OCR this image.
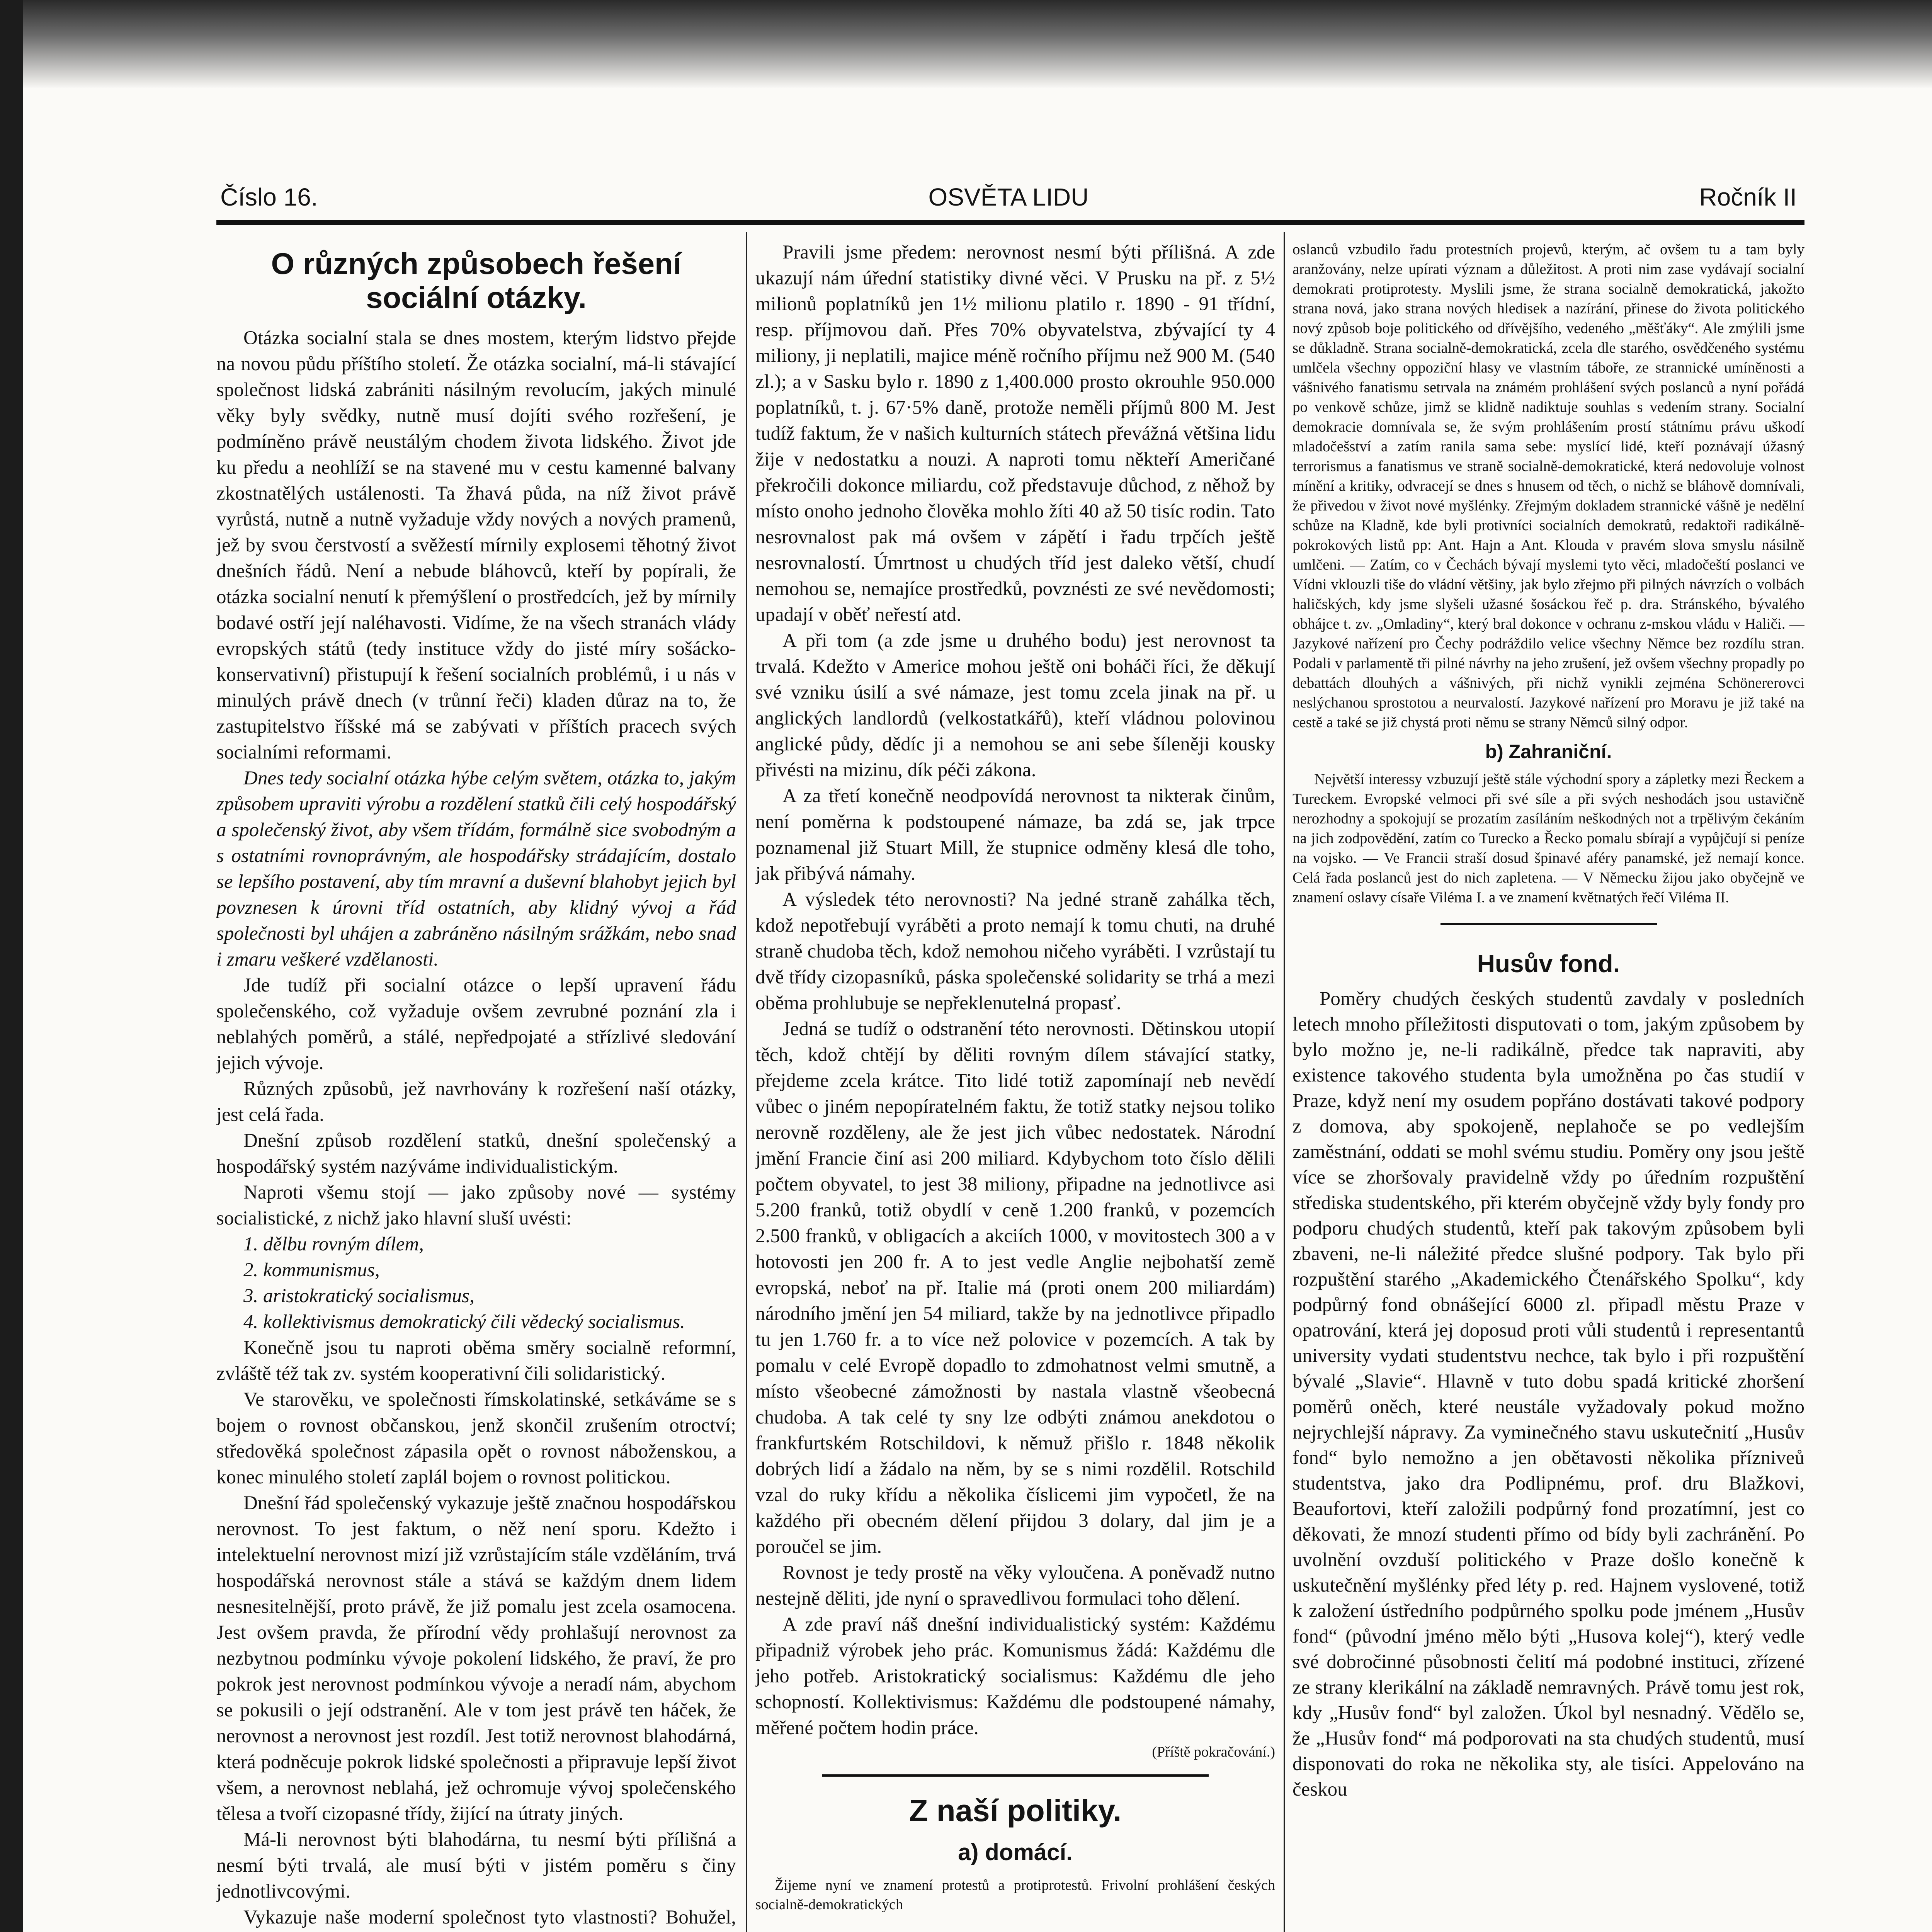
Číslo 16.	OSVĚTA LIDU	Ročník II
O různých způsobech řešení sociální otázky.

Otázka socialní stala se dnes mostem, kterým lidstvo přejde na novou půdu příštího století. Že otázka socialní, má-li stávající společnost lidská zabrániti násilným revolucím, jakých minulé věky byly svědky, nutně musí dojíti svého rozřešení, je podmíněno právě neustálým chodem života lidského. Život jde ku předu a neohlíží se na stavené mu v cestu kamenné balvany zkostnatělých ustálenosti. Ta žhavá půda, na níž život právě vyrůstá, nutně a nutně vyžaduje vždy nových a nových pramenů, jež by svou čerstvostí a svěžestí mírnily explosemi těhotný život dnešních řádů. Není a nebude bláhovců, kteří by popírali, že otázka socialní nenutí k přemýšlení o prostředcích, jež by mírnily bodavé ostří její naléhavosti. Vidíme, že na všech stranách vlády evropských států (tedy instituce vždy do jisté míry sošácko-konservativní) přistupují k řešení socialních problémů, i u nás v minulých právě dnech (v trůnní řeči) kladen důraz na to, že zastupitelstvo říšské má se zabývati v příštích pracech svých socialními reformami.

Dnes tedy socialní otázka hýbe celým světem, otázka to, jakým způsobem upraviti výrobu a rozdělení statků čili celý hospodářský a společenský život, aby všem třídám, formálně sice svobodným a s ostatními rovnoprávným, ale hospodářsky strádajícím, dostalo se lepšího postavení, aby tím mravní a duševní blahobyt jejich byl povznesen k úrovni tříd ostatních, aby klidný vývoj a řád společnosti byl uhájen a zabráněno násilným srážkám, nebo snad i zmaru veškeré vzdělanosti.

Jde tudíž při socialní otázce o lepší upravení řádu společenského, což vyžaduje ovšem zevrubné poznání zla i neblahých poměrů, a stálé, nepředpojaté a střízlivé sledování jejich vývoje.

Různých způsobů, jež navrhovány k rozřešení naší otázky, jest celá řada.

Dnešní způsob rozdělení statků, dnešní společenský a hospodářský systém nazýváme individualistickým.

Naproti všemu stojí — jako způsoby nové — systémy socialistické, z nichž jako hlavní sluší uvésti:

1. dělbu rovným dílem,
2. kommunismus,
3. aristokratický socialismus,
4. kollektivismus demokratický čili vědecký socialismus.

Konečně jsou tu naproti oběma směry socialně reformní, zvláště též tak zv. systém kooperativní čili solidaristický.

Ve starověku, ve společnosti římskolatinské, setkáváme se s bojem o rovnost občanskou, jenž skončil zrušením otroctví; středověká společnost zápasila opět o rovnost náboženskou, a konec minulého století zaplál bojem o rovnost politickou.

Dnešní řád společenský vykazuje ještě značnou hospodářskou nerovnost. To jest faktum, o něž není sporu. Kdežto i intelektuelní nerovnost mizí již vzrůstajícím stále vzděláním, trvá hospodářská nerovnost stále a stává se každým dnem lidem nesnesitelnější, proto právě, že již pomalu jest zcela osamocena. Jest ovšem pravda, že přírodní vědy prohlašují nerovnost za nezbytnou podmínku vývoje pokolení lidského, že praví, že pro pokrok jest nerovnost podmínkou vývoje a neradí nám, abychom se pokusili o její odstranění. Ale v tom jest právě ten háček, že nerovnost a nerovnost jest rozdíl. Jest totiž nerovnost blahodárná, která podněcuje pokrok lidské společnosti a připravuje lepší život všem, a nerovnost neblahá, jež ochromuje vývoj společenského tělesa a tvoří cizopasné třídy, žijící na útraty jiných.

Má-li nerovnost býti blahodárna, tu nesmí býti přílišná a nesmí býti trvalá, ale musí býti v jistém poměru s činy jednotlivcovými.

Vykazuje naše moderní společnost tyto vlastnosti? Bohužel,

Pravili jsme předem: nerovnost nesmí býti přílišná. A zde ukazují nám úřední statistiky divné věci. V Prusku na př. z 5½ milionů poplatníků jen 1½ milionu platilo r. 1890 - 91 třídní, resp. příjmovou daň. Přes 70% obyvatelstva, zbývající ty 4 miliony, ji neplatili, majice méně ročního příjmu než 900 M. (540 zl.); a v Sasku bylo r. 1890 z 1,400.000 prosto okrouhle 950.000 poplatníků, t. j. 67·5% daně, protože neměli příjmů 800 M. Jest tudíž faktum, že v našich kulturních státech převážná většina lidu žije v nedostatku a nouzi. A naproti tomu někteří Američané překročili dokonce miliardu, což představuje důchod, z něhož by místo onoho jednoho člověka mohlo žíti 40 až 50 tisíc rodin. Tato nesrovnalost pak má ovšem v zápětí i řadu trpčích ještě nesrovnalostí. Úmrtnost u chudých tříd jest daleko větší, chudí nemohou se, nemajíce prostředků, povznésti ze své nevědomosti; upadají v oběť neřestí atd.

A při tom (a zde jsme u druhého bodu) jest nerovnost ta trvalá. Kdežto v Americe mohou ještě oni boháči říci, že děkují své vzniku úsilí a své námaze, jest tomu zcela jinak na př. u anglických landlordů (velkostatkářů), kteří vládnou polovinou anglické půdy, dědíc ji a nemohou se ani sebe šíleněji kousky přivésti na mizinu, dík péči zákona.

A za třetí konečně neodpovídá nerovnost ta nikterak činům, není poměrna k podstoupené námaze, ba zdá se, jak trpce poznamenal již Stuart Mill, že stupnice odměny klesá dle toho, jak přibývá námahy.

A výsledek této nerovnosti? Na jedné straně zahálka těch, kdož nepotřebují vyráběti a proto nemají k tomu chuti, na druhé straně chudoba těch, kdož nemohou ničeho vyráběti. I vzrůstají tu dvě třídy cizopasníků, páska společenské solidarity se trhá a mezi oběma prohlubuje se nepřeklenutelná propasť.

Jedná se tudíž o odstranění této nerovnosti. Dětinskou utopií těch, kdož chtějí by děliti rovným dílem stávající statky, přejdeme zcela krátce. Tito lidé totiž zapomínají neb nevědí vůbec o jiném nepopíratelném faktu, že totiž statky nejsou toliko nerovně rozděleny, ale že jest jich vůbec nedostatek. Národní jmění Francie činí asi 200 miliard. Kdybychom toto číslo dělili počtem obyvatel, to jest 38 miliony, připadne na jednotlivce asi 5.200 franků, totiž obydlí v ceně 1.200 franků, v pozemcích 2.500 franků, v obligacích a akciích 1000, v movitostech 300 a v hotovosti jen 200 fr. A to jest vedle Anglie nejbohatší země evropská, neboť na př. Italie má (proti onem 200 miliardám) národního jmění jen 54 miliard, takže by na jednotlivce připadlo tu jen 1.760 fr. a to více než polovice v pozemcích. A tak by pomalu v celé Evropě dopadlo to zdmohatnost velmi smutně, a místo všeobecné zámožnosti by nastala vlastně všeobecná chudoba. A tak celé ty sny lze odbýti známou anekdotou o frankfurtském Rotschildovi, k němuž přišlo r. 1848 několik dobrých lidí a žádalo na něm, by se s nimi rozdělil. Rotschild vzal do ruky křídu a několika číslicemi jim vypočetl, že na každého při obecném dělení přijdou 3 dolary, dal jim je a poroučel se jim.

Rovnost je tedy prostě na věky vyloučena. A poněvadž nutno nestejně děliti, jde nyní o spravedlivou formulaci toho dělení.

A zde praví náš dnešní individualistický systém: Každému připadniž výrobek jeho prác. Komunismus žádá: Každému dle jeho potřeb. Aristokratický socialismus: Každému dle jeho schopností. Kollektivismus: Každému dle podstoupené námahy, měřené počtem hodin práce.

(Příště pokračování.)

Z naší politiky.
a) domácí.

Žijeme nyní ve znamení protestů a protiprotestů. Frivolní prohlášení českých socialně-demokratických

oslanců vzbudilo řadu protestních projevů, kterým, ač ovšem tu a tam byly aranžovány, nelze upírati význam a důležitost. A proti nim zase vydávají socialní demokrati protiprotesty. Myslili jsme, že strana socialně demokratická, jakožto strana nová, jako strana nových hledisek a nazírání, přinese do života politického nový způsob boje politického od dřívějšího, vedeného „měšťáky“. Ale zmýlili jsme se důkladně. Strana socialně-demokratická, zcela dle starého, osvědčeného systému umlčela všechny oppoziční hlasy ve vlastním táboře, ze strannické umíněnosti a vášnivého fanatismu setrvala na známém prohlášení svých poslanců a nyní pořádá po venkově schůze, jimž se klidně nadiktuje souhlas s vedením strany. Socialní demokracie domnívala se, že svým prohlášením prostí státnímu právu uškodí mladočešství a zatím ranila sama sebe: myslící lidé, kteří poznávají úžasný terrorismus a fanatismus ve straně socialně-demokratické, která nedovoluje volnost mínění a kritiky, odvracejí se dnes s hnusem od těch, o nichž se bláhově domnívali, že přivedou v život nové myšlénky. Zřejmým dokladem strannické vášně je nedělní schůze na Kladně, kde byli protivníci socialních demokratů, redaktoři radikálně-pokrokových listů pp: Ant. Hajn a Ant. Klouda v pravém slova smyslu násilně umlčeni. — Zatím, co v Čechách bývají myslemi tyto věci, mladočeští poslanci ve Vídni vklouzli tiše do vládní většiny, jak bylo zřejmo při pilných návrzích o volbách haličských, kdy jsme slyšeli užasné šosáckou řeč p. dra. Stránského, bývalého obhájce t. zv. „Omladiny“, který bral dokonce v ochranu z-mskou vládu v Haliči. — Jazykové nařízení pro Čechy podráždilo velice všechny Němce bez rozdílu stran. Podali v parlamentě tři pilné návrhy na jeho zrušení, jež ovšem všechny propadly po debattách dlouhých a vášnivých, při nichž vynikli zejména Schönererovci neslýchanou sprostotou a neurvalostí. Jazykové nařízení pro Moravu je již také na cestě a také se již chystá proti němu se strany Němců silný odpor.

b) Zahraniční.

Největší interessy vzbuzují ještě stále východní spory a zápletky mezi Řeckem a Tureckem. Evropské velmoci při své síle a při svých neshodách jsou ustavičně nerozhodny a spokojují se prozatím zasíláním neškodných not a trpělivým čekáním na jich zodpovědění, zatím co Turecko a Řecko pomalu sbírají a vypůjčují si peníze na vojsko. — Ve Francii straší dosud špinavé aféry panamské, jež nemají konce. Celá řada poslanců jest do nich zapletena. — V Německu žijou jako obyčejně ve znamení oslavy císaře Viléma I. a ve znamení květnatých řečí Viléma II.

Husův fond.

Poměry chudých českých studentů zavdaly v posledních letech mnoho příležitosti disputovati o tom, jakým způsobem by bylo možno je, ne-li radikálně, předce tak napraviti, aby existence takového studenta byla umožněna po čas studií v Praze, když není my osudem popřáno dostávati takové podpory z domova, aby spokojeně, neplahoče se po vedlejším zaměstnání, oddati se mohl svému studiu. Poměry ony jsou ještě více se zhoršovaly pravidelně vždy po úředním rozpuštění střediska studentského, při kterém obyčejně vždy byly fondy pro podporu chudých studentů, kteří pak takovým způsobem byli zbaveni, ne-li náležité předce slušné podpory. Tak bylo při rozpuštění starého „Akademického Čtenářského Spolku“, kdy podpůrný fond obnášející 6000 zl. připadl městu Praze v opatrování, která jej doposud proti vůli studentů i representantů university vydati studentstvu nechce, tak bylo i při rozpuštění bývalé „Slavie“. Hlavně v tuto dobu spadá kritické zhoršení poměrů oněch, které neustále vyžadovaly pokud možno nejrychlejší nápravy. Za vyminečného stavu uskutečnití „Husův fond“ bylo nemožno a jen obětavosti několika přízniveů studentstva, jako dra Podlipnému, prof. dru Blažkovi, Beaufortovi, kteří založili podpůrný fond prozatímní, jest co děkovati, že mnozí studenti přímo od bídy byli zachránění. Po uvolnění ovzduší politického v Praze došlo konečně k uskutečnění myšlénky před léty p. red. Hajnem vyslovené, totiž k založení ústředního podpůrného spolku pode jménem „Husův fond“ (původní jméno mělo býti „Husova kolej“), který vedle své dobročinné působnosti čelití má podobné instituci, zřízené ze strany klerikální na základě nemravných. Právě tomu jest rok, kdy „Husův fond“ byl založen. Úkol byl nesnadný. Vědělo se, že „Husův fond“ má podporovati na sta chudých studentů, musí disponovati do roka ne několika sty, ale tisíci. Appelováno na českou
